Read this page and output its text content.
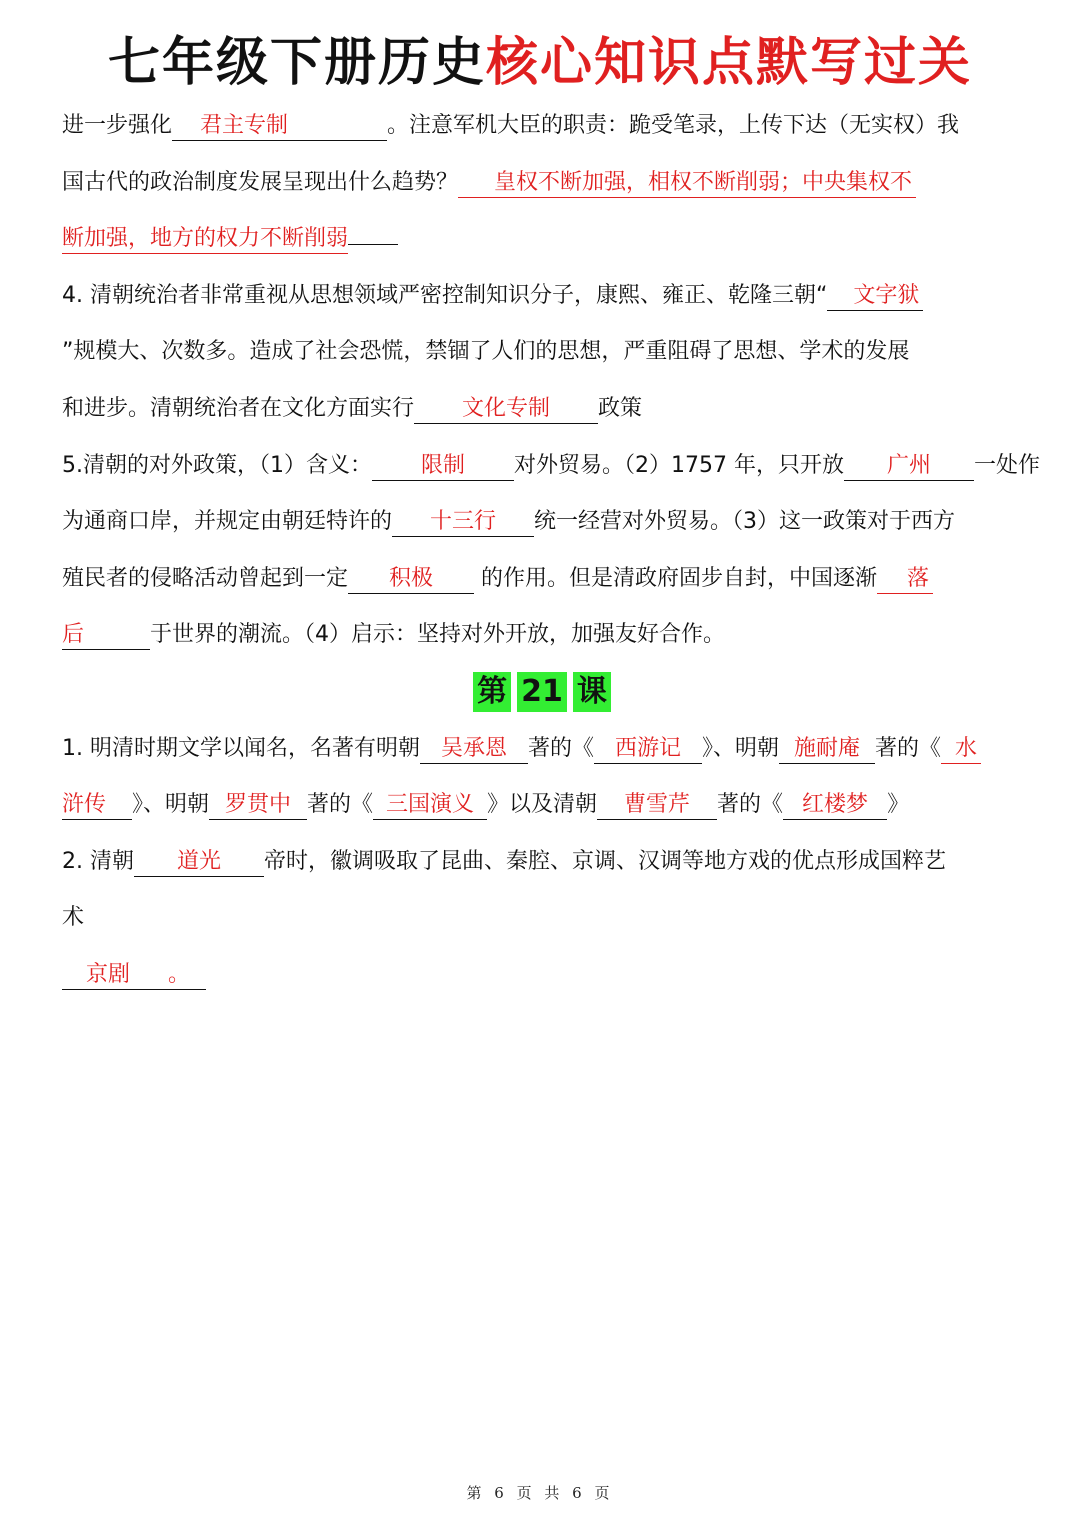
七年级下册历史核心知识点默写过关
进一步强化 君主专制	。注意军机大臣的职责：跪受笔录，上传下达（无实权）我
国古代的政治制度发展呈现出什么趋势？ 皇权不断加强，相权不断削弱；中央集权不
断加强，地方的权力不断削弱
4. 清朝统治者非常重视从思想领域严密控制知识分子，康熙、雍正、乾隆三朝“ 文字狱
”规模大、次数多。造成了社会恐慌，禁锢了人们的思想，严重阻碍了思想、学术的发展
和进步。清朝统治者在文化方面实行 文化专制 政策
5.清朝的对外政策，（1）含义： 限制 对外贸易。（2）1757 年，只开放 广州 一处作
为通商口岸，并规定由朝廷特许的 十三行 统一经营对外贸易。（3）这一政策对于西方
殖民者的侵略活动曾起到一定 积极 的作用。但是清政府固步自封，中国逐渐 落
后	于世界的潮流。（4）启示：坚持对外开放，加强友好合作。
第 21 课
1. 明清时期文学以闻名，名著有明朝 吴承恩 著的《 西游记 》、明朝 施耐庵 著的《 水
浒传 》、明朝 罗贯中 著的《 三国演义 》以及清朝 曹雪芹 著的《 红楼梦 》
2. 清朝 道光 帝时，徽调吸取了昆曲、秦腔、京调、汉调等地方戏的优点形成国粹艺
术
京剧 。
第 6 页 共 6 页
